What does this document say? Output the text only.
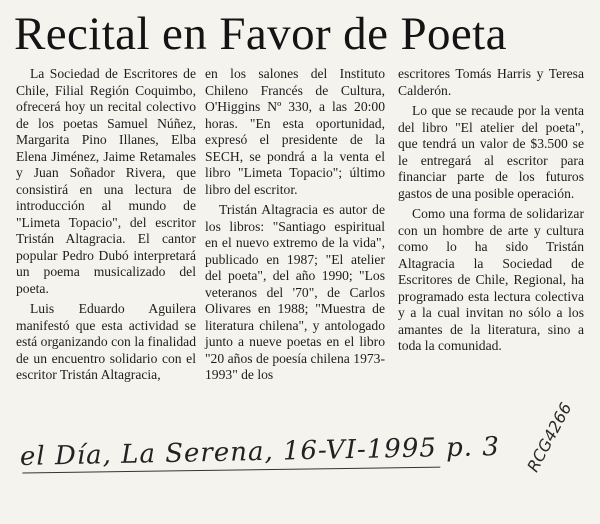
Recital en Favor de Poeta

La Sociedad de Escritores de Chile, Filial Región Coquimbo, ofrecerá hoy un recital colectivo de los poetas Samuel Núñez, Margarita Pino Illanes, Elba Elena Jiménez, Jaime Retamales y Juan Soñador Rivera, que consistirá en una lectura de introducción al mundo de "Limeta Topacio", del escritor Tristán Altagracia. El cantor popular Pedro Dubó interpretará un poema musicalizado del poeta.

Luis Eduardo Aguilera manifestó que esta actividad se está organizando con la finalidad de un encuentro solidario con el escritor Tristán Altagracia,

en los salones del Instituto Chileno Francés de Cultura, O'Higgins Nº 330, a las 20:00 horas. "En esta oportunidad, expresó el presidente de la SECH, se pondrá a la venta el libro "Limeta Topacio"; último libro del escritor.

Tristán Altagracia es autor de los libros: "Santiago espiritual en el nuevo extremo de la vida", publicado en 1987; "El atelier del poeta", del año 1990; "Los veteranos del '70", de Carlos Olivares en 1988; "Muestra de literatura chilena", y antologado junto a nueve poetas en el libro "20 años de poesía chilena 1973-1993" de los

escritores Tomás Harris y Teresa Calderón.

Lo que se recaude por la venta del libro "El atelier del poeta", que tendrá un valor de $3.500 se le entregará al escritor para financiar parte de los futuros gastos de una posible operación.

Como una forma de solidarizar con un hombre de arte y cultura como lo ha sido Tristán Altagracia la Sociedad de Escritores de Chile, Regional, ha programado esta lectura colectiva y a la cual invitan no sólo a los amantes de la literatura, sino a toda la comunidad.

el Día, La Serena, 16-VI-1995 p. 3 RCG4266
